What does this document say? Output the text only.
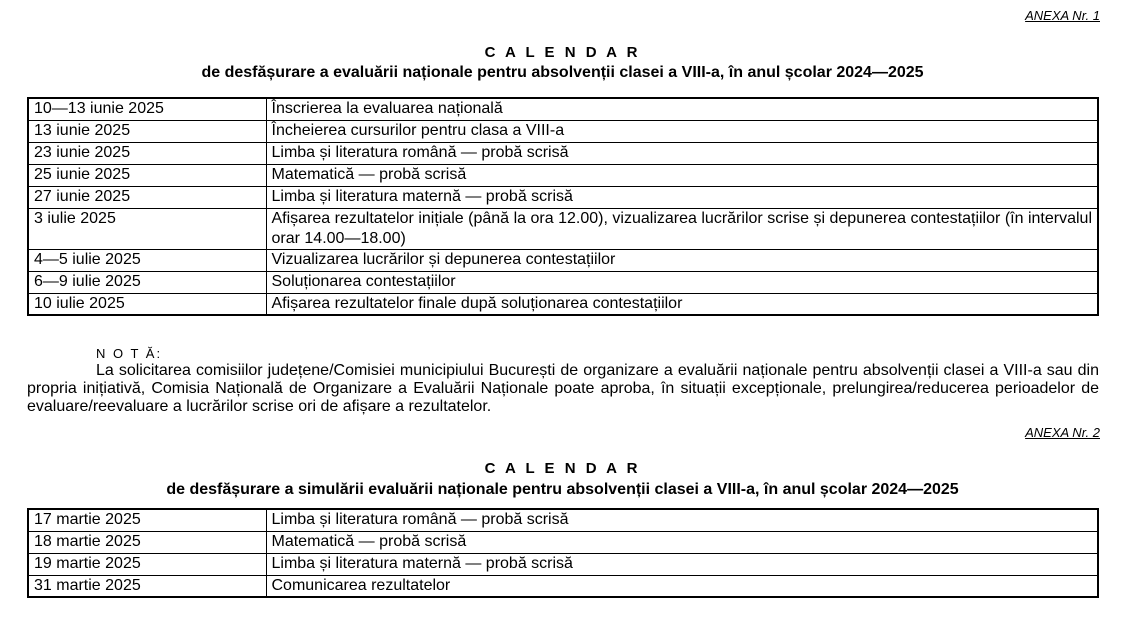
ANEXA Nr. 1
C A L E N D A R
de desfășurare a evaluării naționale pentru absolvenții clasei a VIII-a, în anul școlar 2024—2025
10—13 iunie 2025	Înscrierea la evaluarea națională
13 iunie 2025	Încheierea cursurilor pentru clasa a VIII-a
23 iunie 2025	Limba și literatura română — probă scrisă
25 iunie 2025	Matematică — probă scrisă
27 iunie 2025	Limba și literatura maternă — probă scrisă
3 iulie 2025	Afișarea rezultatelor inițiale (până la ora 12.00), vizualizarea lucrărilor scrise și depunerea contestațiilor (în intervalul orar 14.00—18.00)
4—5 iulie 2025	Vizualizarea lucrărilor și depunerea contestațiilor
6—9 iulie 2025	Soluționarea contestațiilor
10 iulie 2025	Afișarea rezultatelor finale după soluționarea contestațiilor
N O T Ă:
La solicitarea comisiilor județene/Comisiei municipiului București de organizare a evaluării naționale pentru absolvenții clasei a VIII-a sau din propria inițiativă, Comisia Națională de Organizare a Evaluării Naționale poate aproba, în situații excepționale, prelungirea/reducerea perioadelor de evaluare/reevaluare a lucrărilor scrise ori de afișare a rezultatelor.
ANEXA Nr. 2
C A L E N D A R
de desfășurare a simulării evaluării naționale pentru absolvenții clasei a VIII-a, în anul școlar 2024—2025
17 martie 2025	Limba și literatura română — probă scrisă
18 martie 2025	Matematică — probă scrisă
19 martie 2025	Limba și literatura maternă — probă scrisă
31 martie 2025	Comunicarea rezultatelor
